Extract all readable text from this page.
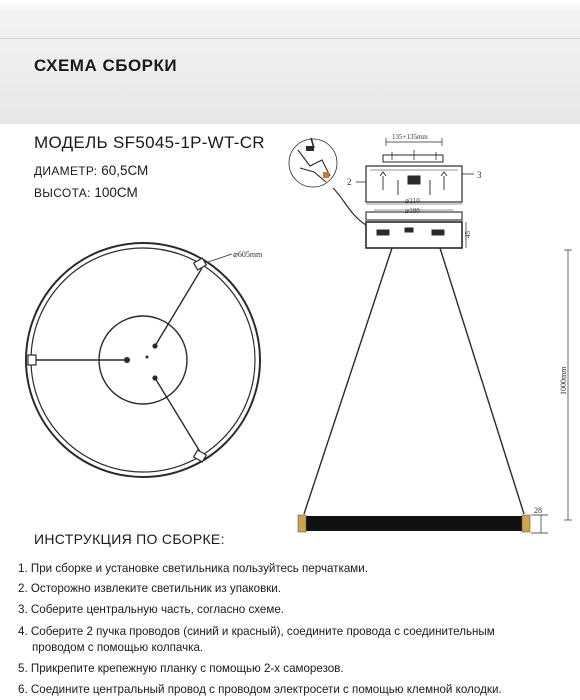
СХЕМА СБОРКИ
МОДЕЛЬ SF5045-1P-WT-CR
ДИАМЕТР: 60,5СМ
ВЫСОТА: 100СМ
⌀605mm
135+135mm
⌀210
⌀180
45
1000mm
28
2
3
ИНСТРУКЦИЯ ПО СБОРКЕ:
1. При сборке и установке светильника пользуйтесь перчатками.
2. Осторожно извлеките светильник из упаковки.
3. Соберите центральную часть, согласно схеме.
4. Соберите 2 пучка проводов (синий и красный), соедините провода с соединительным
проводом с помощью колпачка.
5. Прикрепите крепежную планку с помощью 2-х саморезов.
6. Соедините центральный провод с проводом электросети с помощью клемной колодки.
